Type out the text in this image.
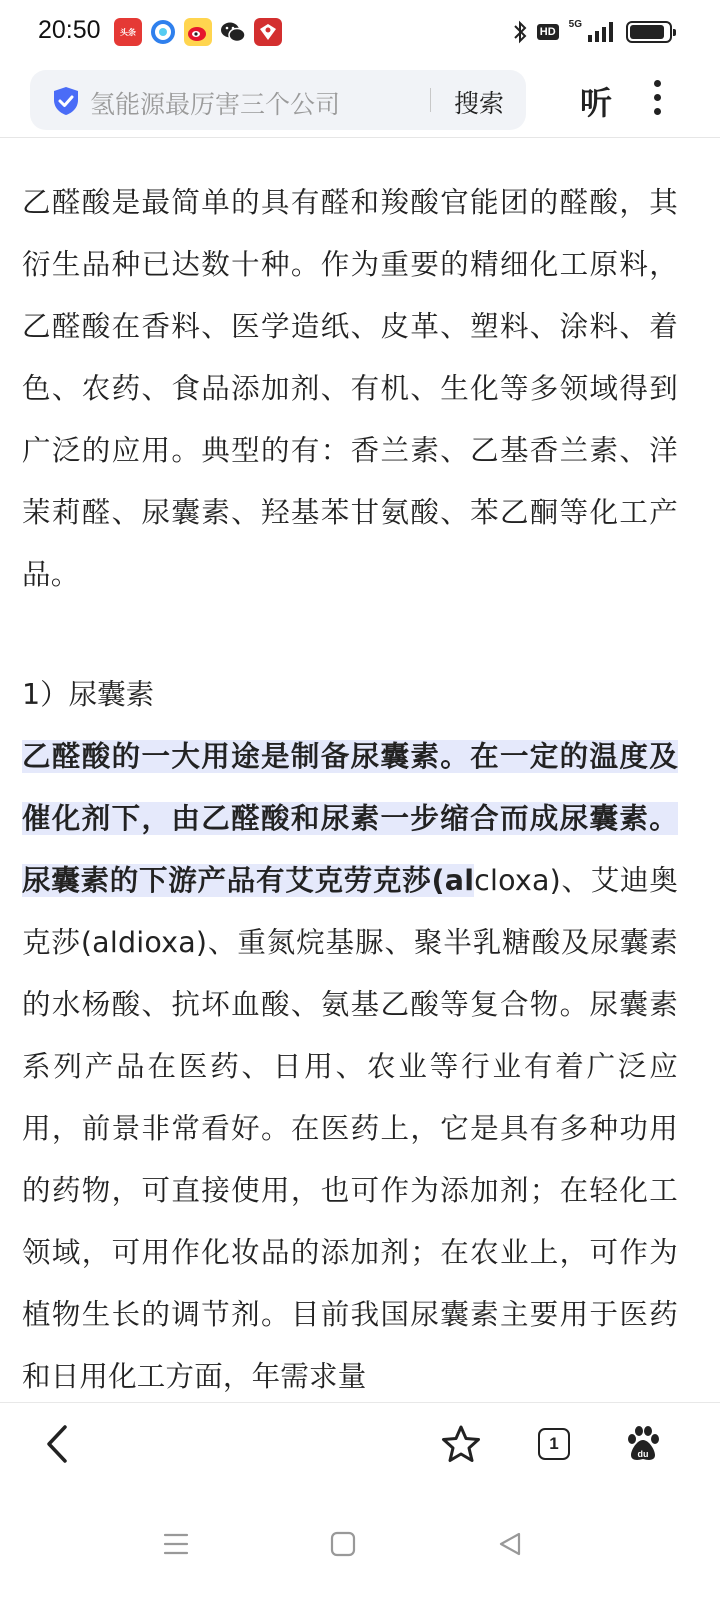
20:50 头条	HD
5G
氢能源最厉害三个公司	搜索 听

乙醛酸是最简单的具有醛和羧酸官能团的醛酸，其衍生品种已达数十种。作为重要的精细化工原料，乙醛酸在香料、医学造纸、皮革、塑料、涂料、着色、农药、食品添加剂、有机、生化等多领域得到广泛的应用。典型的有：香兰素、乙基香兰素、洋茉莉醛、尿囊素、羟基苯甘氨酸、苯乙酮等化工产品。

1）尿囊素

乙醛酸的一大用途是制备尿囊素。在一定的温度及催化剂下，由乙醛酸和尿素一步缩合而成尿囊素。尿囊素的下游产品有艾克劳克莎(alcloxa)、艾迪奥克莎(aldioxa)、重氮烷基脲、聚半乳糖酸及尿囊素的水杨酸、抗坏血酸、氨基乙酸等复合物。尿囊素系列产品在医药、日用、农业等行业有着广泛应用，前景非常看好。在医药上，它是具有多种功用的药物，可直接使用，也可作为添加剂；在轻化工领域，可用作化妆品的添加剂；在农业上，可作为植物生长的调节剂。目前我国尿囊素主要用于医药和日用化工方面，年需求量

1
du
